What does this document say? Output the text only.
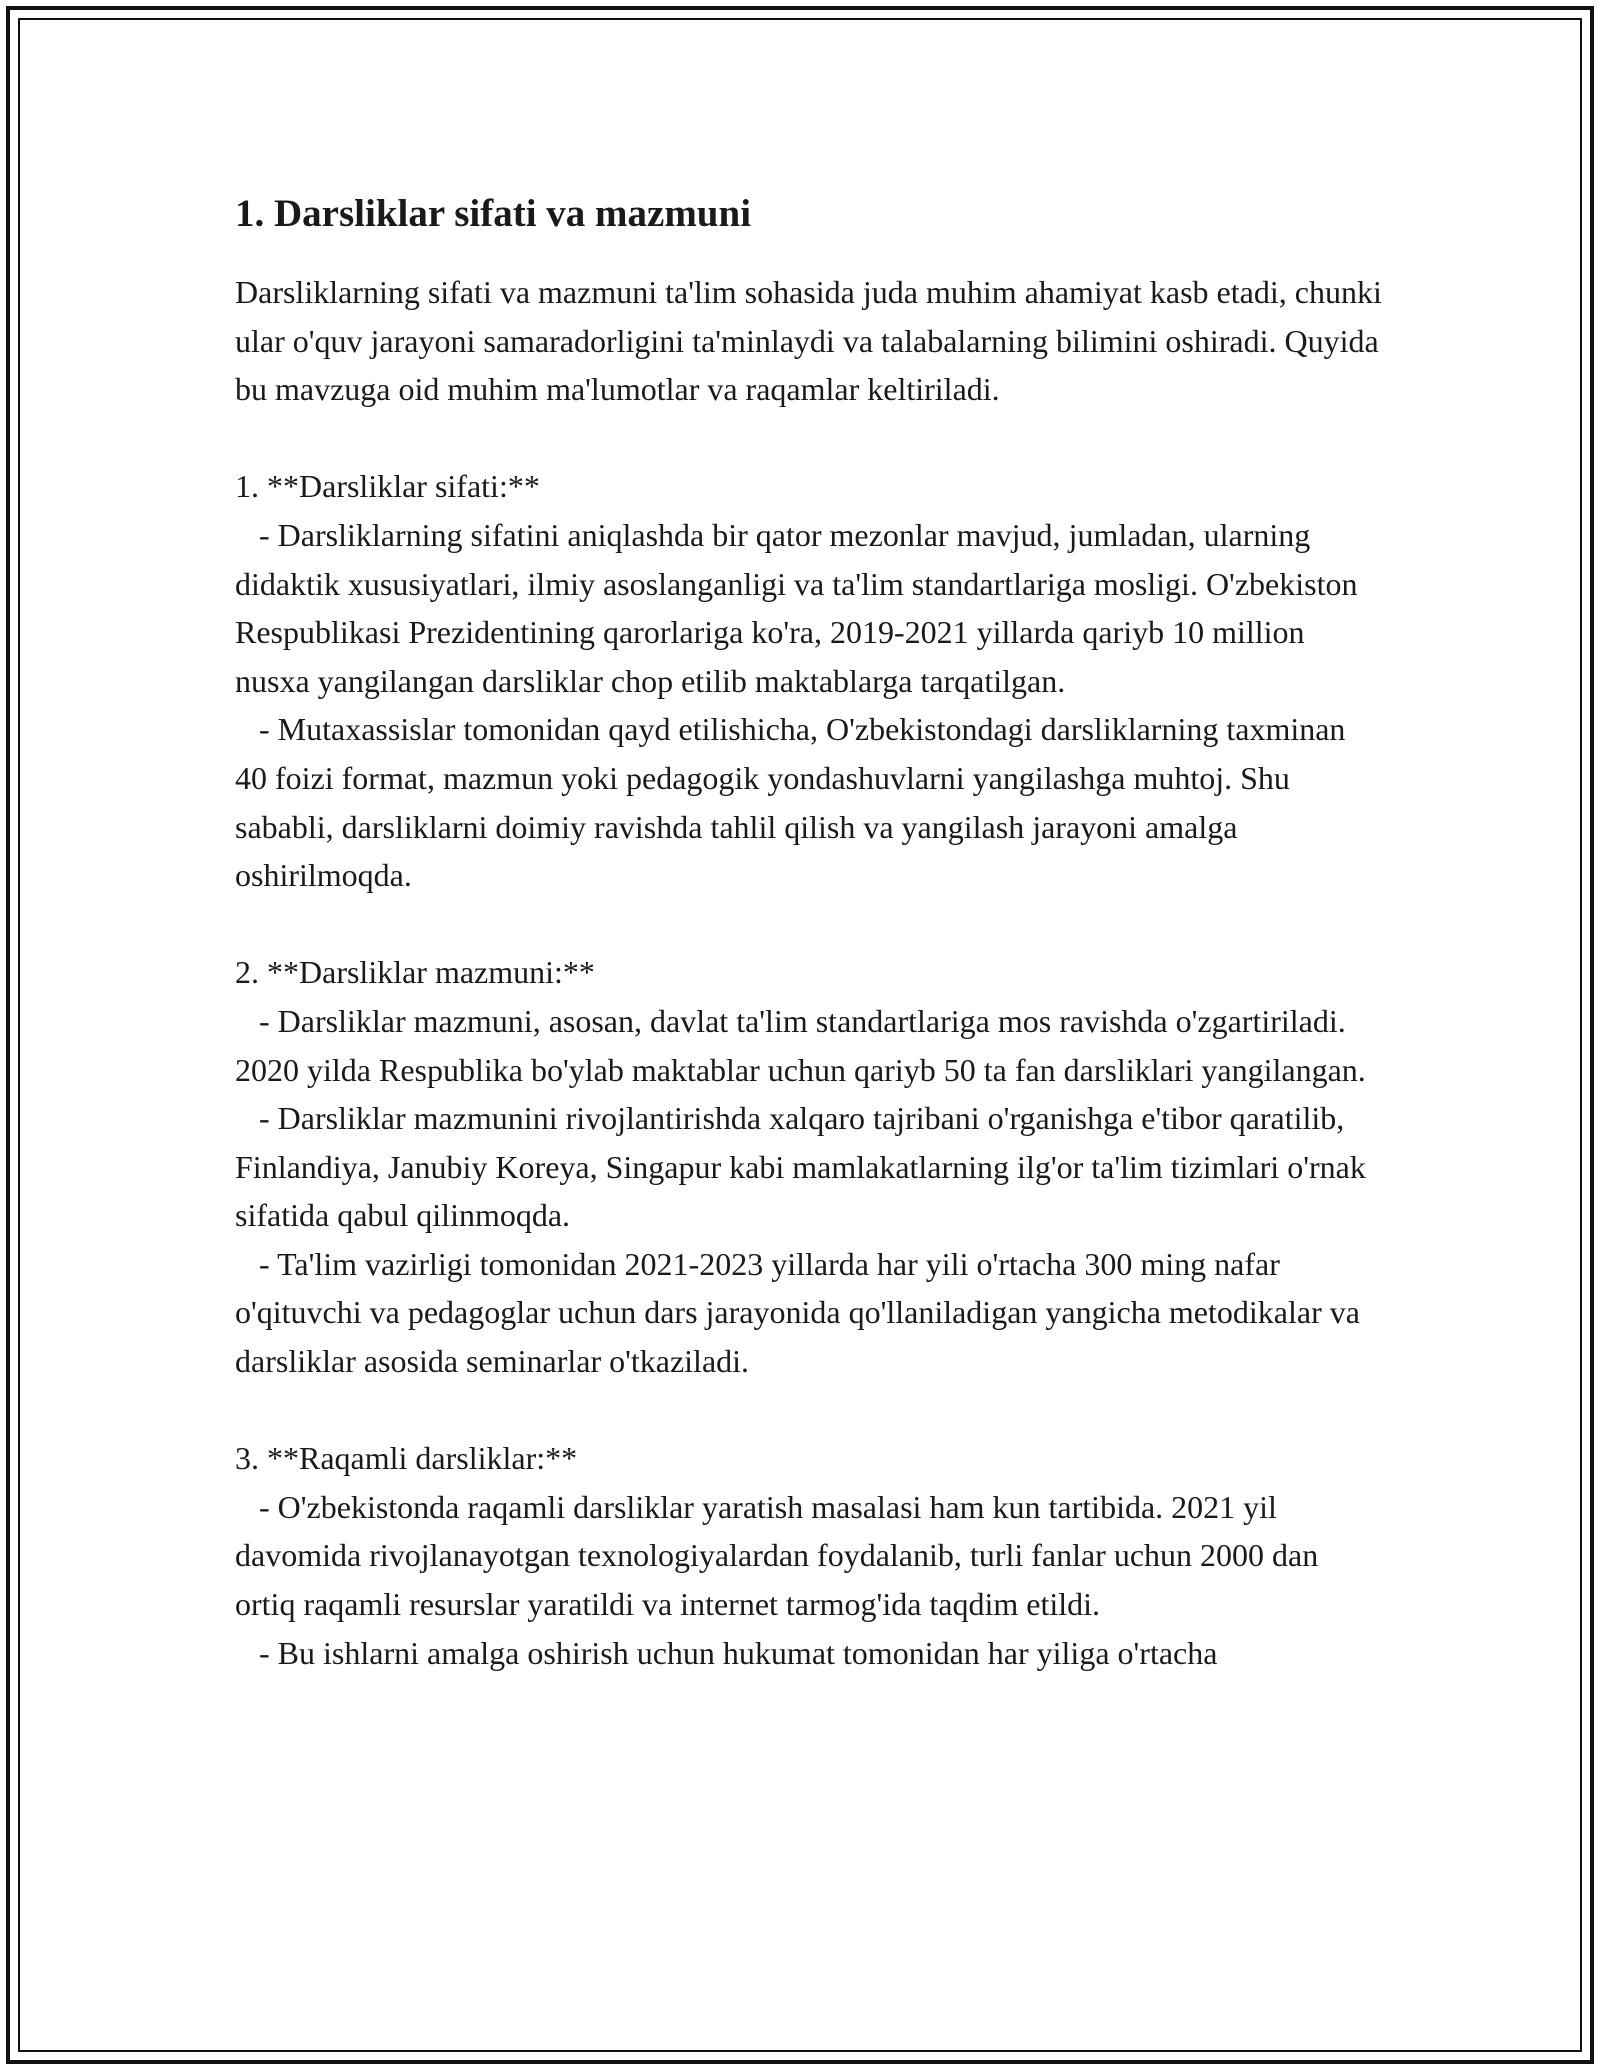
1. Darsliklar sifati va mazmuni

Darsliklarning sifati va mazmuni ta'lim sohasida juda muhim ahamiyat kasb etadi, chunki ular o'quv jarayoni samaradorligini ta'minlaydi va talabalarning bilimini oshiradi. Quyida bu mavzuga oid muhim ma'lumotlar va raqamlar keltiriladi.

1. **Darsliklar sifati:**

- Darsliklarning sifatini aniqlashda bir qator mezonlar mavjud, jumladan, ularning didaktik xususiyatlari, ilmiy asoslanganligi va ta'lim standartlariga mosligi. O'zbekiston Respublikasi Prezidentining qarorlariga ko'ra, 2019-2021 yillarda qariyb 10 million nusxa yangilangan darsliklar chop etilib maktablarga tarqatilgan.

- Mutaxassislar tomonidan qayd etilishicha, O'zbekistondagi darsliklarning taxminan 40 foizi format, mazmun yoki pedagogik yondashuvlarni yangilashga muhtoj. Shu sababli, darsliklarni doimiy ravishda tahlil qilish va yangilash jarayoni amalga oshirilmoqda.

2. **Darsliklar mazmuni:**

- Darsliklar mazmuni, asosan, davlat ta'lim standartlariga mos ravishda o'zgartiriladi. 2020 yilda Respublika bo'ylab maktablar uchun qariyb 50 ta fan darsliklari yangilangan.

- Darsliklar mazmunini rivojlantirishda xalqaro tajribani o'rganishga e'tibor qaratilib, Finlandiya, Janubiy Koreya, Singapur kabi mamlakatlarning ilg'or ta'lim tizimlari o'rnak sifatida qabul qilinmoqda.

- Ta'lim vazirligi tomonidan 2021-2023 yillarda har yili o'rtacha 300 ming nafar o'qituvchi va pedagoglar uchun dars jarayonida qo'llaniladigan yangicha metodikalar va darsliklar asosida seminarlar o'tkaziladi.

3. **Raqamli darsliklar:**

- O'zbekistonda raqamli darsliklar yaratish masalasi ham kun tartibida. 2021 yil davomida rivojlanayotgan texnologiyalardan foydalanib, turli fanlar uchun 2000 dan ortiq raqamli resurslar yaratildi va internet tarmog'ida taqdim etildi.

- Bu ishlarni amalga oshirish uchun hukumat tomonidan har yiliga o'rtacha
